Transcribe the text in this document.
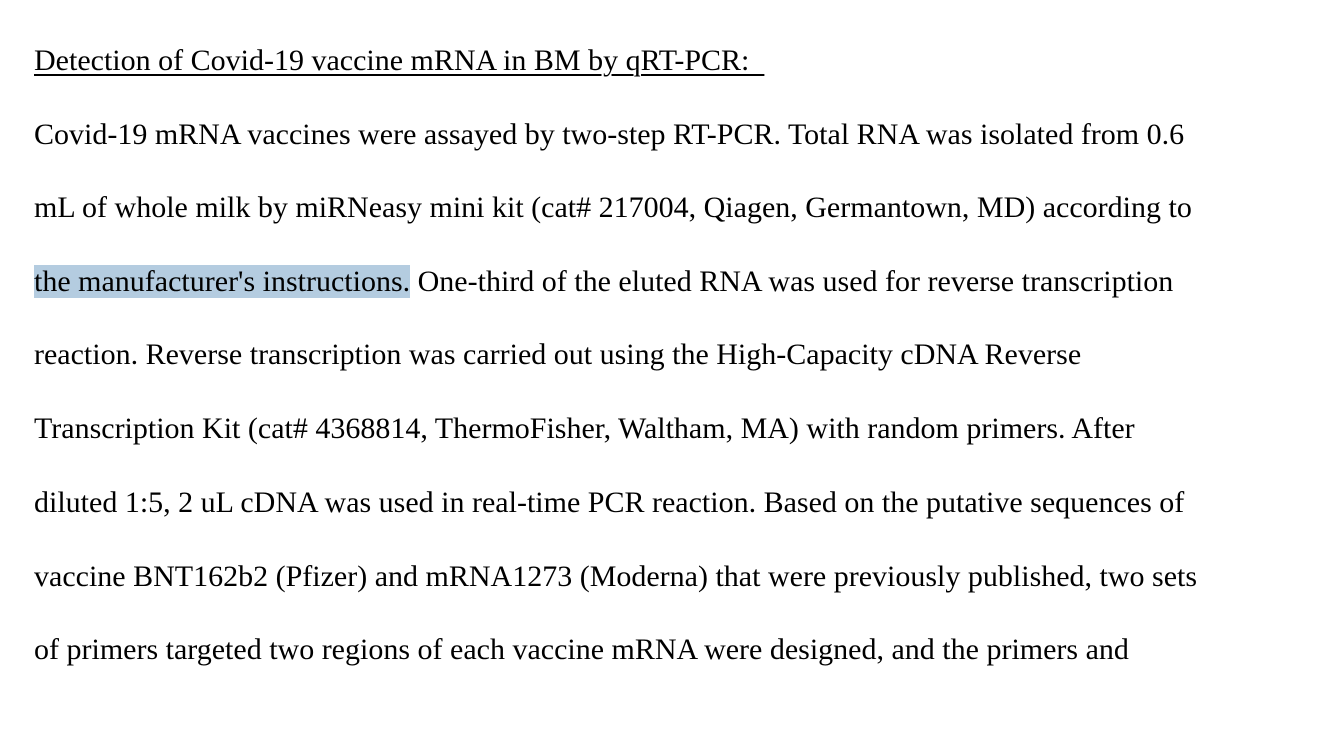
Detection of Covid-19 vaccine mRNA in BM by qRT-PCR:
Covid-19 mRNA vaccines were assayed by two-step RT-PCR. Total RNA was isolated from 0.6
mL of whole milk by miRNeasy mini kit (cat# 217004, Qiagen, Germantown, MD) according to
the manufacturer's instructions. One-third of the eluted RNA was used for reverse transcription
reaction. Reverse transcription was carried out using the High-Capacity cDNA Reverse
Transcription Kit (cat# 4368814, ThermoFisher, Waltham, MA) with random primers. After
diluted 1:5, 2 uL cDNA was used in real-time PCR reaction. Based on the putative sequences of
vaccine BNT162b2 (Pfizer) and mRNA1273 (Moderna) that were previously published, two sets
of primers targeted two regions of each vaccine mRNA were designed, and the primers and
